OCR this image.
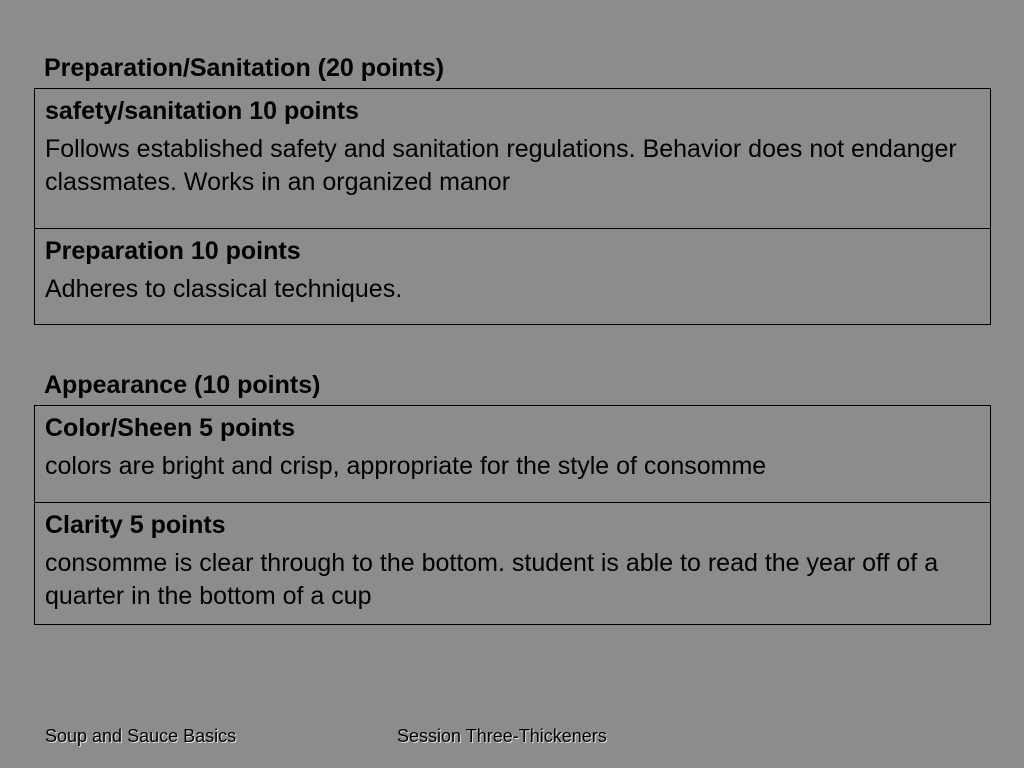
Preparation/Sanitation (20 points)
safety/sanitation 10 points
Follows established safety and sanitation regulations. Behavior does not endanger classmates. Works in an organized manor
Preparation 10 points
Adheres to classical techniques.
Appearance (10 points)
Color/Sheen 5 points
colors are bright and crisp, appropriate for the style of consomme
Clarity 5 points
consomme is clear through to the bottom. student is able to read the year off of a quarter in the bottom of a cup
Soup and Sauce Basics	Session Three-Thickeners
